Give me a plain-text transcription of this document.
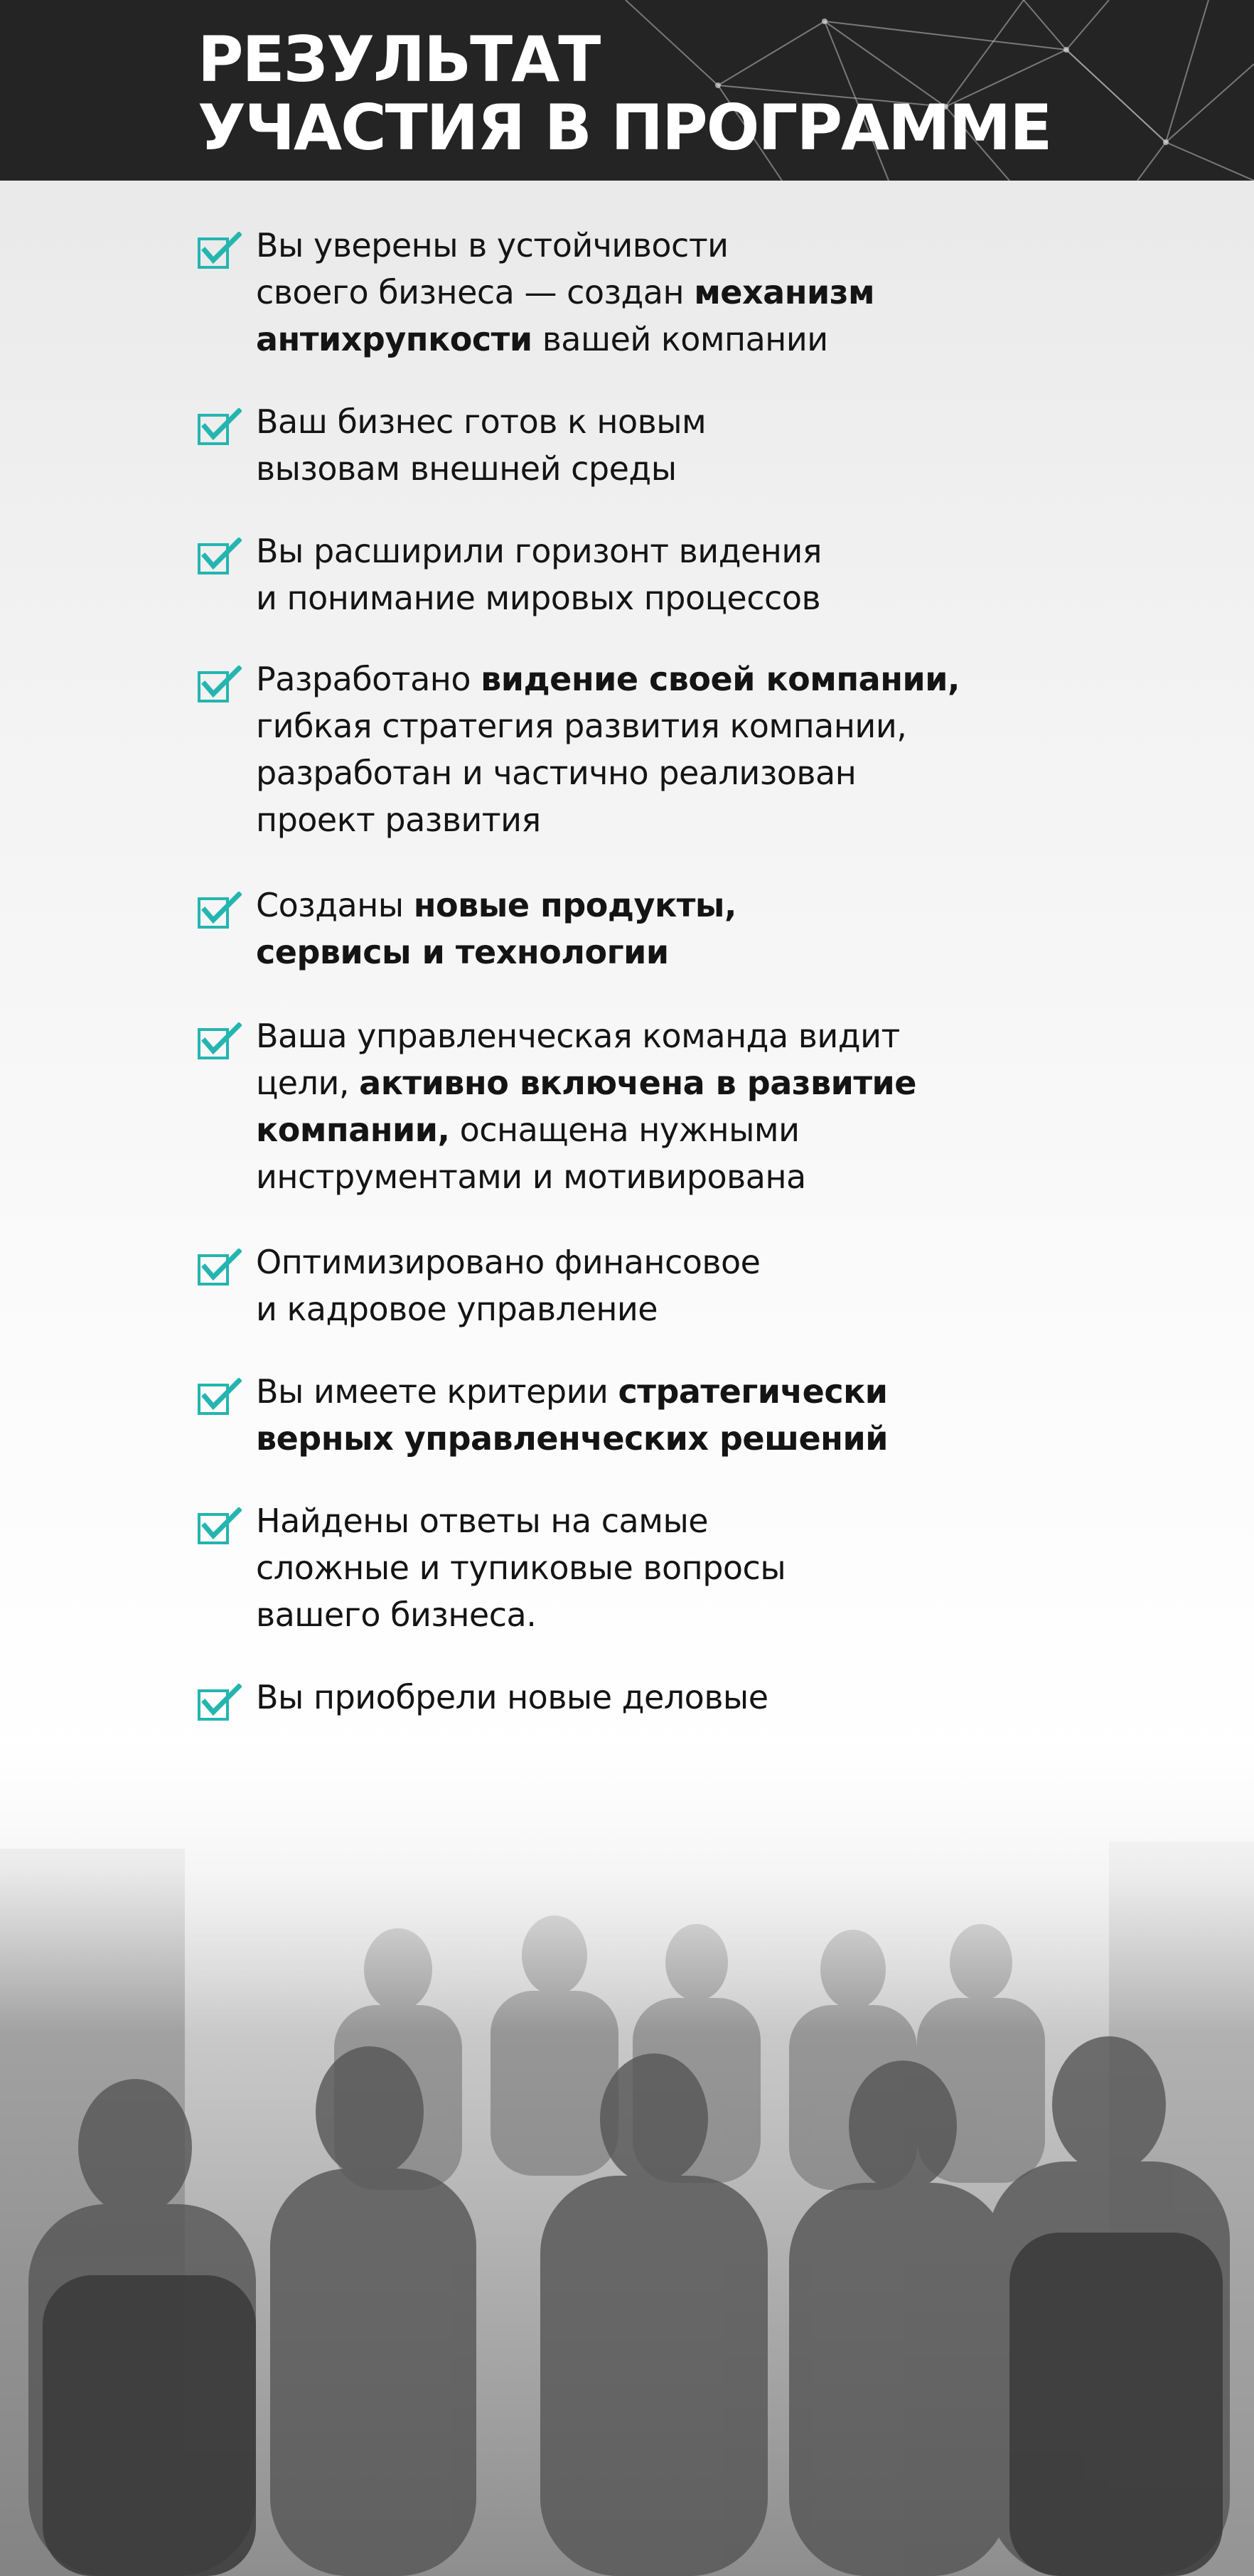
РЕЗУЛЬТАТ
УЧАСТИЯ В ПРОГРАММЕ

Вы уверены в устойчивости
своего бизнеса — создан механизм
антихрупкости вашей компании

Ваш бизнес готов к новым
вызовам внешней среды

Вы расширили горизонт видения
и понимание мировых процессов

Разработано видение своей компании,
гибкая стратегия развития компании,
разработан и частично реализован
проект развития

Созданы новые продукты,
сервисы и технологии

Ваша управленческая команда видит
цели, активно включена в развитие
компании, оснащена нужными
инструментами и мотивирована

Оптимизировано финансовое
и кадровое управление

Вы имеете критерии стратегически
верных управленческих решений

Найдены ответы на самые
сложные и тупиковые вопросы
вашего бизнеса.

Вы приобрели новые деловые
